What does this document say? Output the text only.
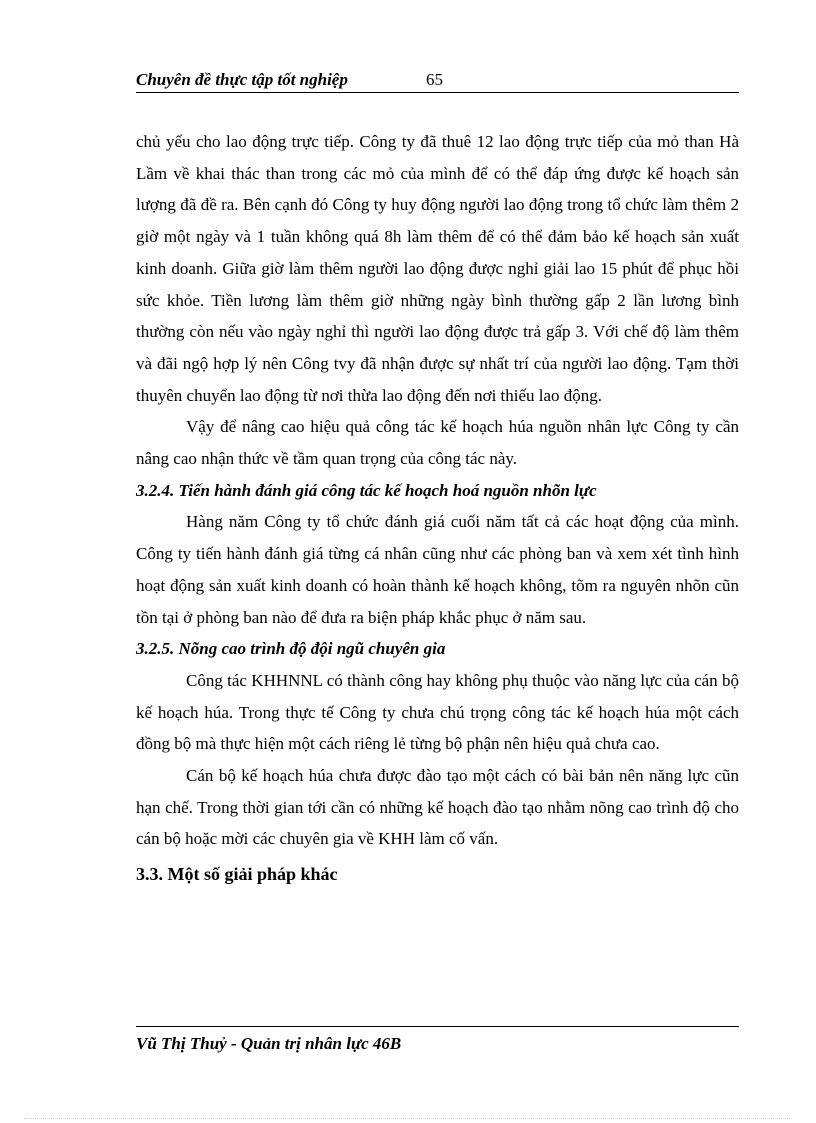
Chuyên đề thực tập tốt nghiệp	65

chủ yếu cho lao động trực tiếp. Công ty đã thuê 12 lao động trực tiếp của mỏ than Hà Lầm về khai thác than trong các mỏ của mình để có thể đáp ứng được kế hoạch sản lượng đã đề ra. Bên cạnh đó Công ty huy động người lao động trong tổ chức làm thêm 2 giờ một ngày và 1 tuần không quá 8h làm thêm để có thể đảm bảo kế hoạch sản xuất kinh doanh. Giữa giờ làm thêm người lao động được nghỉ giải lao 15 phút để phục hồi sức khỏe. Tiền lương làm thêm giờ những ngày bình thường gấp 2 lần lương bình thường còn nếu vào ngày nghỉ thì người lao động được trả gấp 3. Với chế độ làm thêm và đãi ngộ hợp lý nên Công tvy đã nhận được sự nhất trí của người lao động. Tạm thời thuyên chuyển lao động từ nơi thừa lao động đến nơi thiếu lao động.

Vậy để nâng cao hiệu quả công tác kế hoạch húa nguồn nhân lực Công ty cần nâng cao nhận thức về tầm quan trọng của công tác này.

3.2.4. Tiến hành đánh giá công tác kế hoạch hoá nguồn nhõn lực

Hàng năm Công ty tổ chức đánh giá cuối năm tất cả các hoạt động của mình. Công ty tiến hành đánh giá từng cá nhân cũng như các phòng ban và xem xét tình hình hoạt động sản xuất kinh doanh có hoàn thành kế hoạch không, tõm ra nguyên nhõn cũn tồn tại ở phòng ban nào để đưa ra biện pháp khắc phục ở năm sau.

3.2.5. Nõng cao trình độ đội ngũ chuyên gia

Công tác KHHNNL có thành công hay không phụ thuộc vào năng lực của cán bộ kế hoạch húa. Trong thực tế Công ty chưa chú trọng công tác kế hoạch húa một cách đồng bộ mà thực hiện một cách riêng lẻ từng bộ phận nên hiệu quả chưa cao.

Cán bộ kế hoạch húa chưa được đào tạo một cách có bài bản nên năng lực cũn hạn chế. Trong thời gian tới cần có những kế hoạch đào tạo nhằm nõng cao trình độ cho cán bộ hoặc mời các chuyên gia về KHH làm cố vấn.

3.3. Một số giải pháp khác
Vũ Thị Thuỷ - Quản trị nhân lực 46B
